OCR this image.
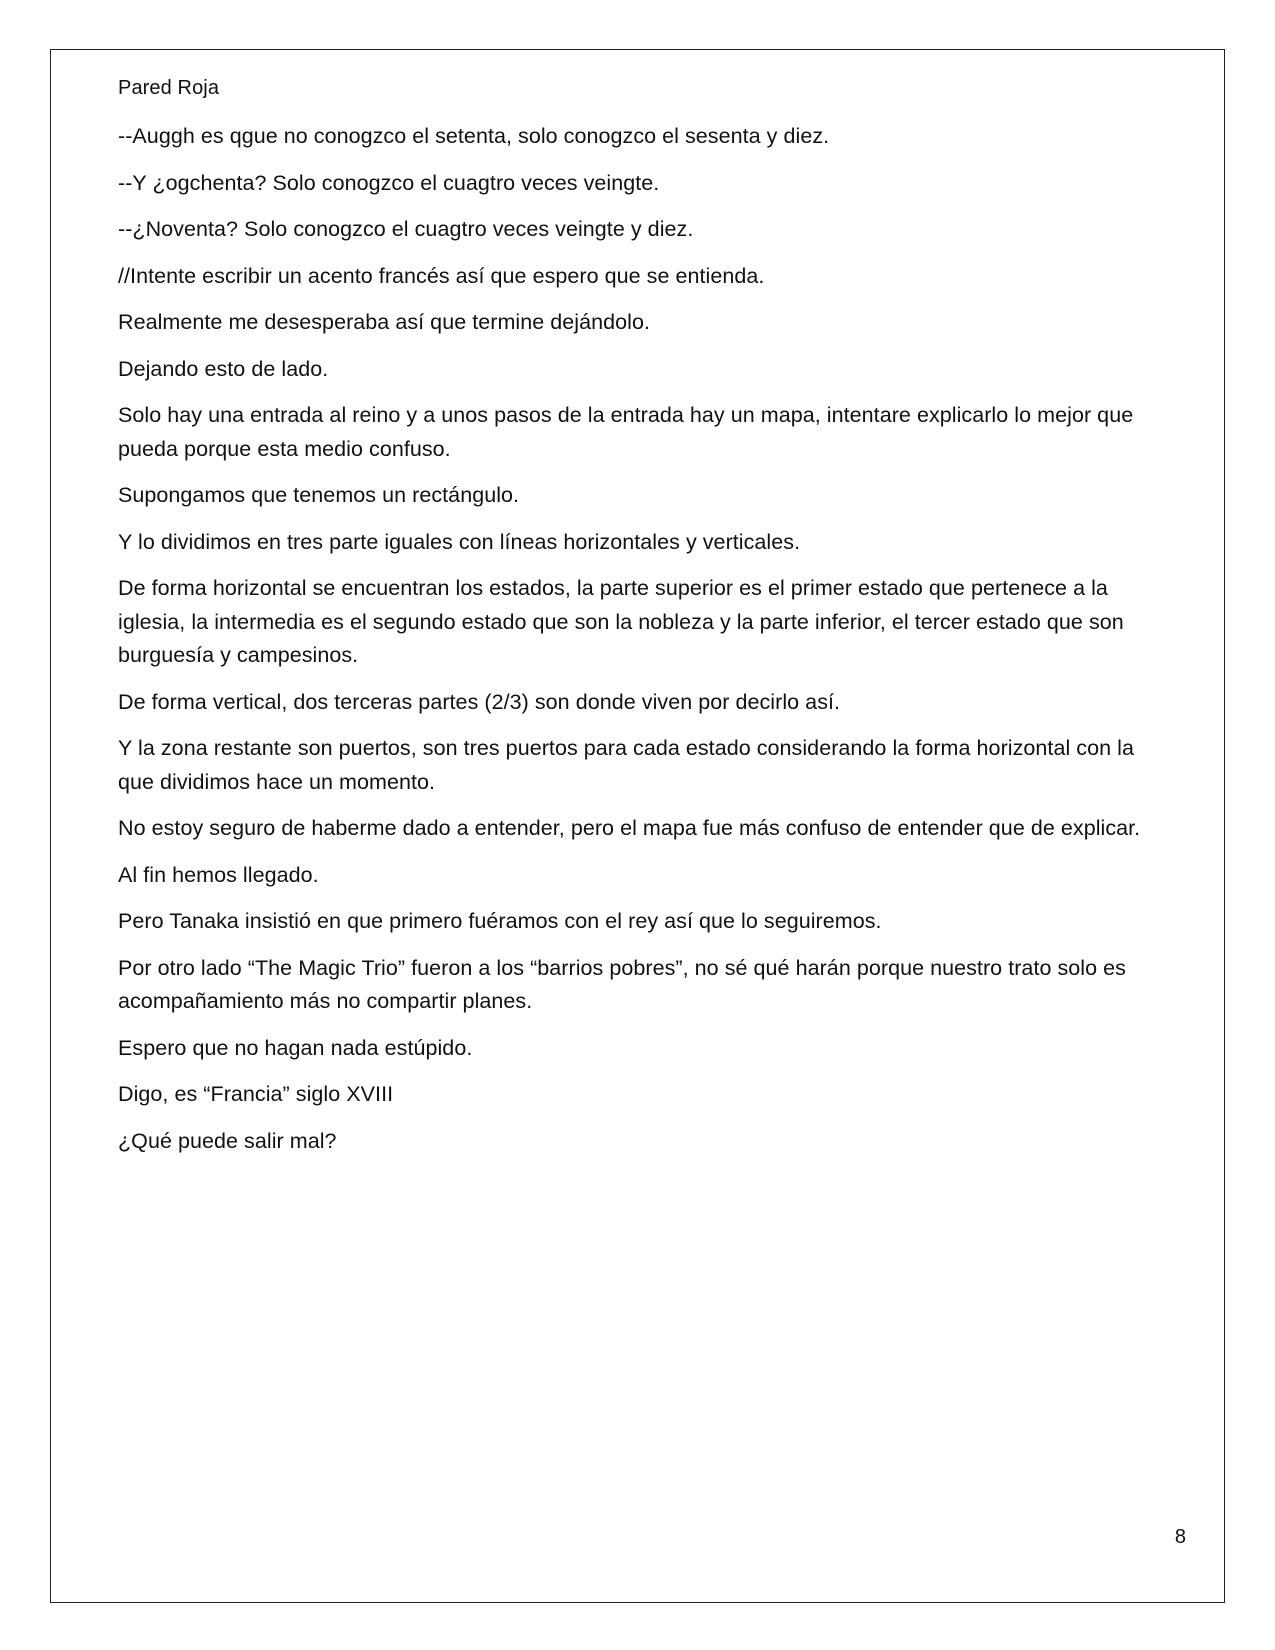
Pared Roja

--Auggh es qgue no conogzco el setenta, solo conogzco el sesenta y diez.

--Y ¿ogchenta? Solo conogzco el cuagtro veces veingte.

--¿Noventa? Solo conogzco el cuagtro veces veingte y diez.

//Intente escribir un acento francés así que espero que se entienda.

Realmente me desesperaba así que termine dejándolo.

Dejando esto de lado.

Solo hay una entrada al reino y a unos pasos de la entrada hay un mapa, intentare explicarlo lo mejor que pueda porque esta medio confuso.

Supongamos que tenemos un rectángulo.

Y lo dividimos en tres parte iguales con líneas horizontales y verticales.

De forma horizontal se encuentran los estados, la parte superior es el primer estado que pertenece a la iglesia, la intermedia es el segundo estado que son la nobleza y la parte inferior, el tercer estado que son burguesía y campesinos.

De forma vertical, dos terceras partes (2/3) son donde viven por decirlo así.

Y la zona restante son puertos, son tres puertos para cada estado considerando la forma horizontal con la que dividimos hace un momento.

No estoy seguro de haberme dado a entender, pero el mapa fue más confuso de entender que de explicar.

Al fin hemos llegado.

Pero Tanaka insistió en que primero fuéramos con el rey así que lo seguiremos.

Por otro lado “The Magic Trio” fueron a los “barrios pobres”, no sé qué harán porque nuestro trato solo es acompañamiento más no compartir planes.

Espero que no hagan nada estúpido.

Digo, es “Francia” siglo XVIII

¿Qué puede salir mal?

8
